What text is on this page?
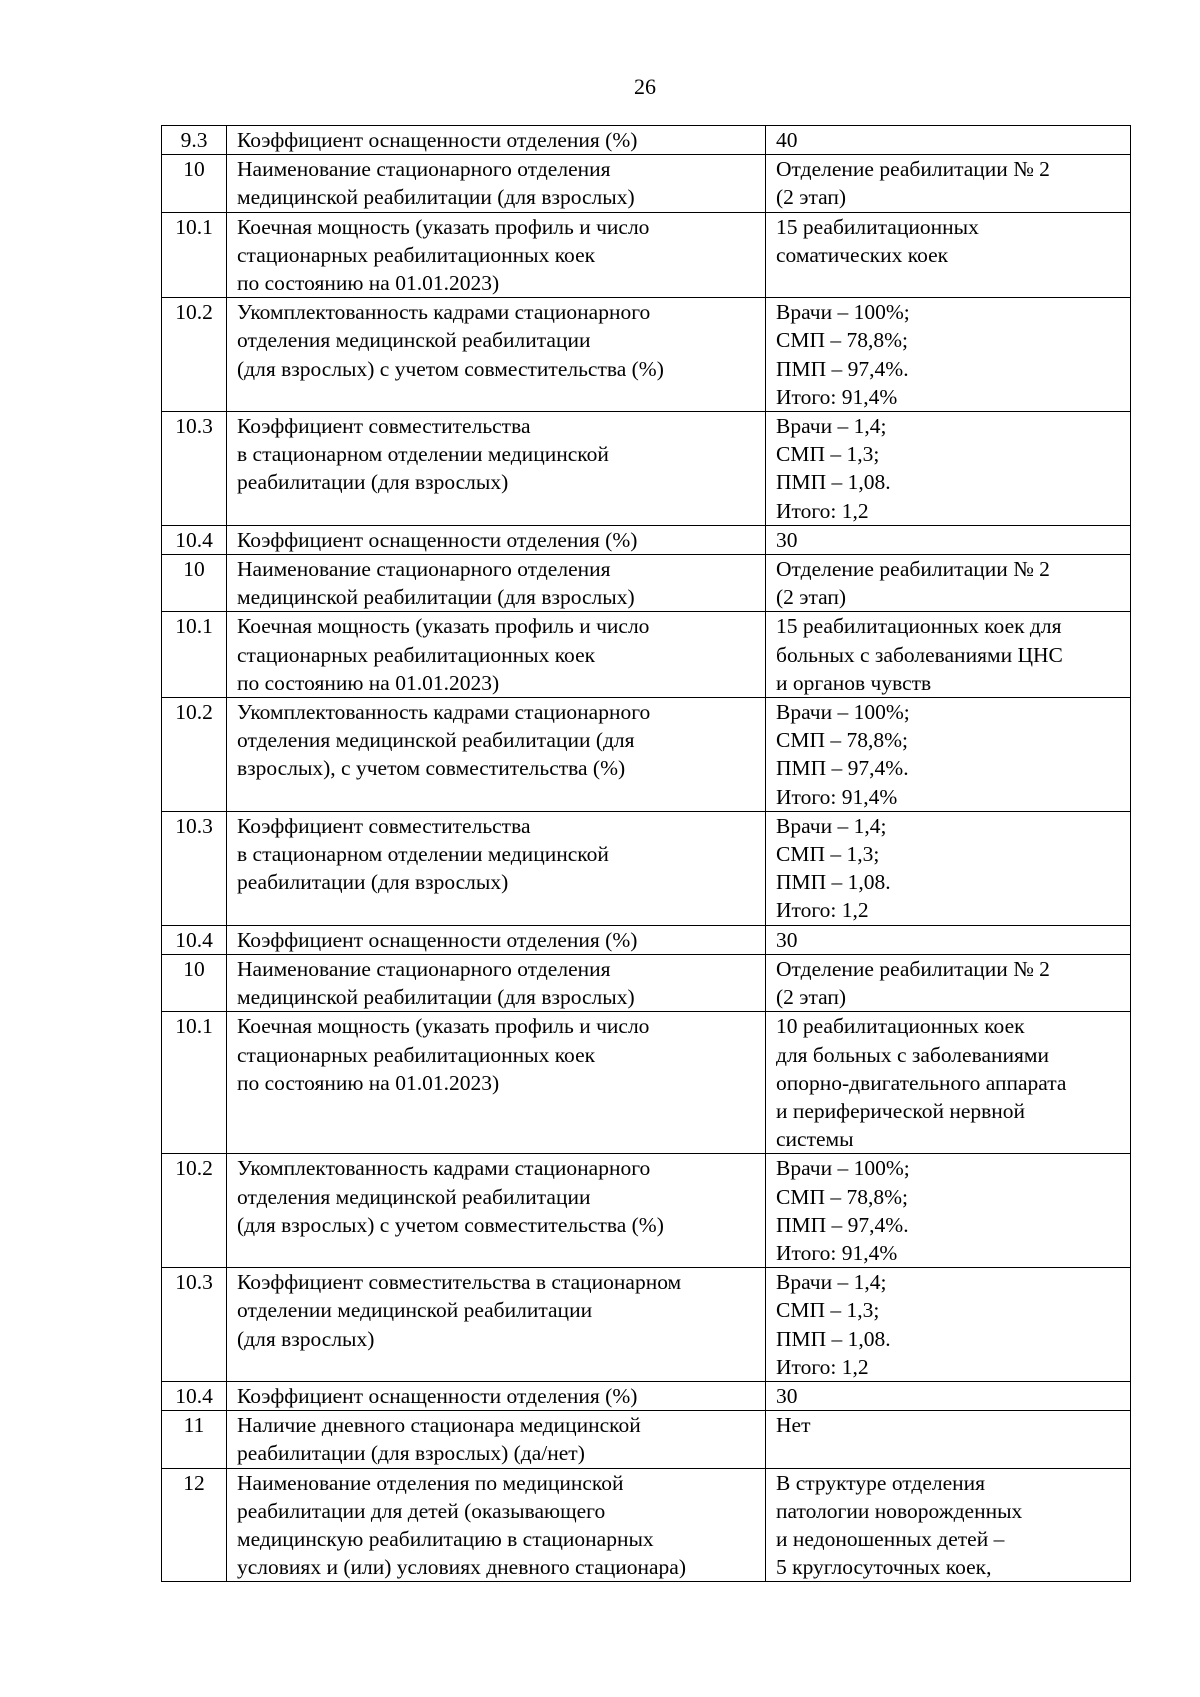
26
9.3	Коэффициент оснащенности отделения (%)	40
10	Наименование стационарного отделения
медицинской реабилитации (для взрослых)	Отделение реабилитации № 2
(2 этап)
10.1	Коечная мощность (указать профиль и число
стационарных реабилитационных коек
по состоянию на 01.01.2023)	15 реабилитационных
соматических коек
10.2	Укомплектованность кадрами стационарного
отделения медицинской реабилитации
(для взрослых) с учетом совместительства (%)	Врачи – 100%;
СМП – 78,8%;
ПМП – 97,4%.
Итого: 91,4%
10.3	Коэффициент совместительства
в стационарном отделении медицинской
реабилитации (для взрослых)	Врачи – 1,4;
СМП – 1,3;
ПМП – 1,08.
Итого: 1,2
10.4	Коэффициент оснащенности отделения (%)	30
10	Наименование стационарного отделения
медицинской реабилитации (для взрослых)	Отделение реабилитации № 2
(2 этап)
10.1	Коечная мощность (указать профиль и число
стационарных реабилитационных коек
по состоянию на 01.01.2023)	15 реабилитационных коек для
больных с заболеваниями ЦНС
и органов чувств
10.2	Укомплектованность кадрами стационарного
отделения медицинской реабилитации (для
взрослых), с учетом совместительства (%)	Врачи – 100%;
СМП – 78,8%;
ПМП – 97,4%.
Итого: 91,4%
10.3	Коэффициент совместительства
в стационарном отделении медицинской
реабилитации (для взрослых)	Врачи – 1,4;
СМП – 1,3;
ПМП – 1,08.
Итого: 1,2
10.4	Коэффициент оснащенности отделения (%)	30
10	Наименование стационарного отделения
медицинской реабилитации (для взрослых)	Отделение реабилитации № 2
(2 этап)
10.1	Коечная мощность (указать профиль и число
стационарных реабилитационных коек
по состоянию на 01.01.2023)	10 реабилитационных коек
для больных с заболеваниями
опорно-двигательного аппарата
и периферической нервной
системы
10.2	Укомплектованность кадрами стационарного
отделения медицинской реабилитации
(для взрослых) с учетом совместительства (%)	Врачи – 100%;
СМП – 78,8%;
ПМП – 97,4%.
Итого: 91,4%
10.3	Коэффициент совместительства в стационарном
отделении медицинской реабилитации
(для взрослых)	Врачи – 1,4;
СМП – 1,3;
ПМП – 1,08.
Итого: 1,2
10.4	Коэффициент оснащенности отделения (%)	30
11	Наличие дневного стационара медицинской
реабилитации (для взрослых) (да/нет)	Нет
12	Наименование отделения по медицинской
реабилитации для детей (оказывающего
медицинскую реабилитацию в стационарных
условиях и (или) условиях дневного стационара)	В структуре отделения
патологии новорожденных
и недоношенных детей –
5 круглосуточных коек,
